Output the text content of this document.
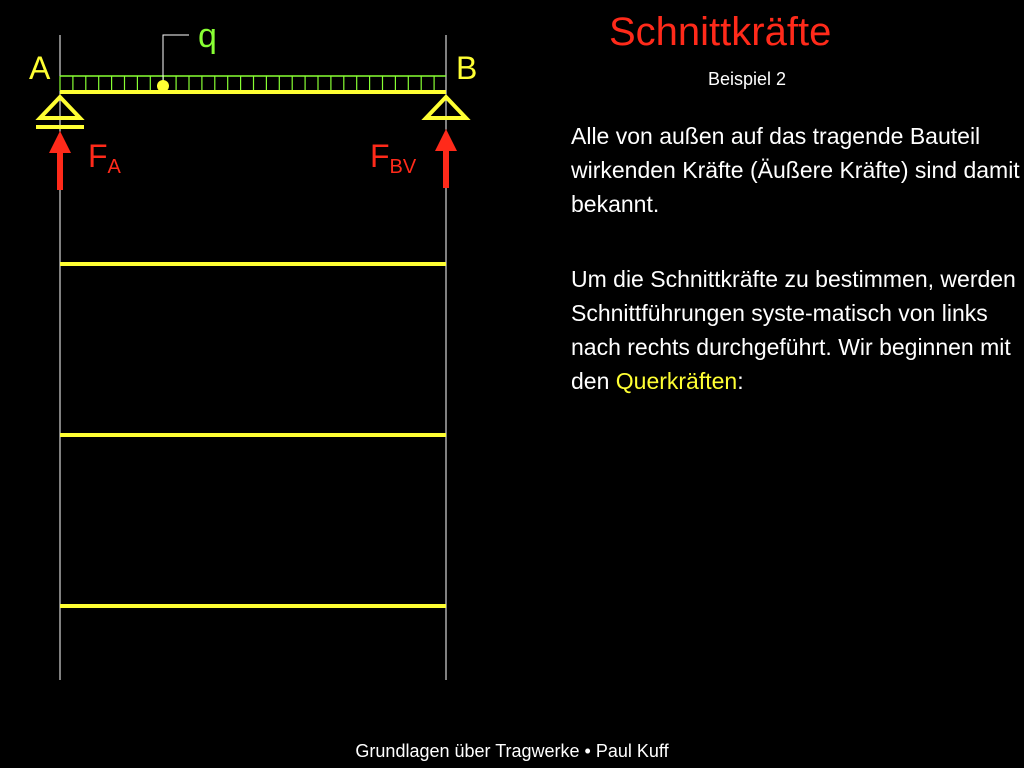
A	B
q
$F_A$	$F_{BV}$
Schnittkräfte
Beispiel 2

Alle von außen auf das tragende Bauteil wirkenden Kräfte (Äußere Kräfte) sind damit bekannt.

Um die Schnittkräfte zu bestimmen, werden Schnittführungen syste-matisch von links nach rechts durchgeführt. Wir beginnen mit den Querkräften:

Grundlagen über Tragwerke • Paul Kuff
